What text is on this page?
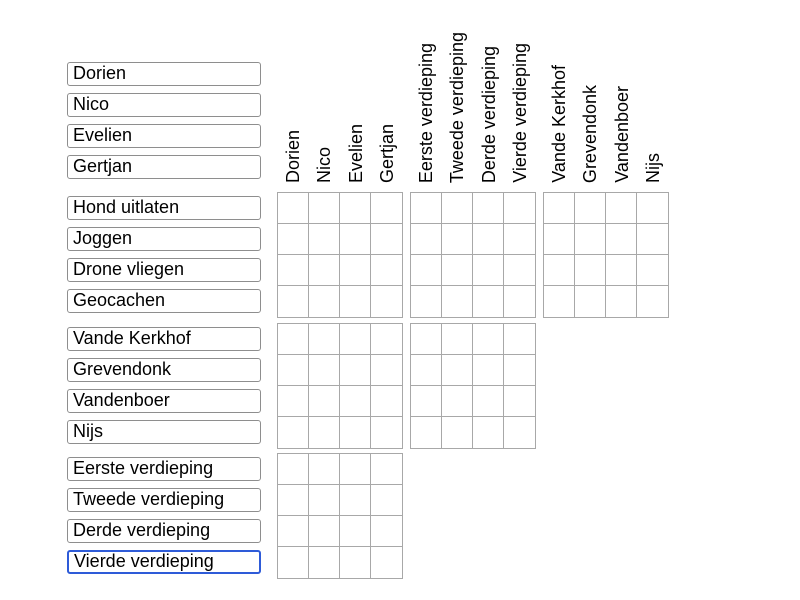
Dorien Nico Evelien Gertjan Eerste verdieping Tweede verdieping Derde verdieping Vierde verdieping Vande Kerkhof Grevendonk Vandenboer Nijs
Dorien
Nico
Evelien
Gertjan
Hond uitlaten
Joggen
Drone vliegen
Geocachen
Vande Kerkhof
Grevendonk
Vandenboer
Nijs
Eerste verdieping
Tweede verdieping
Derde verdieping
Vierde verdieping
